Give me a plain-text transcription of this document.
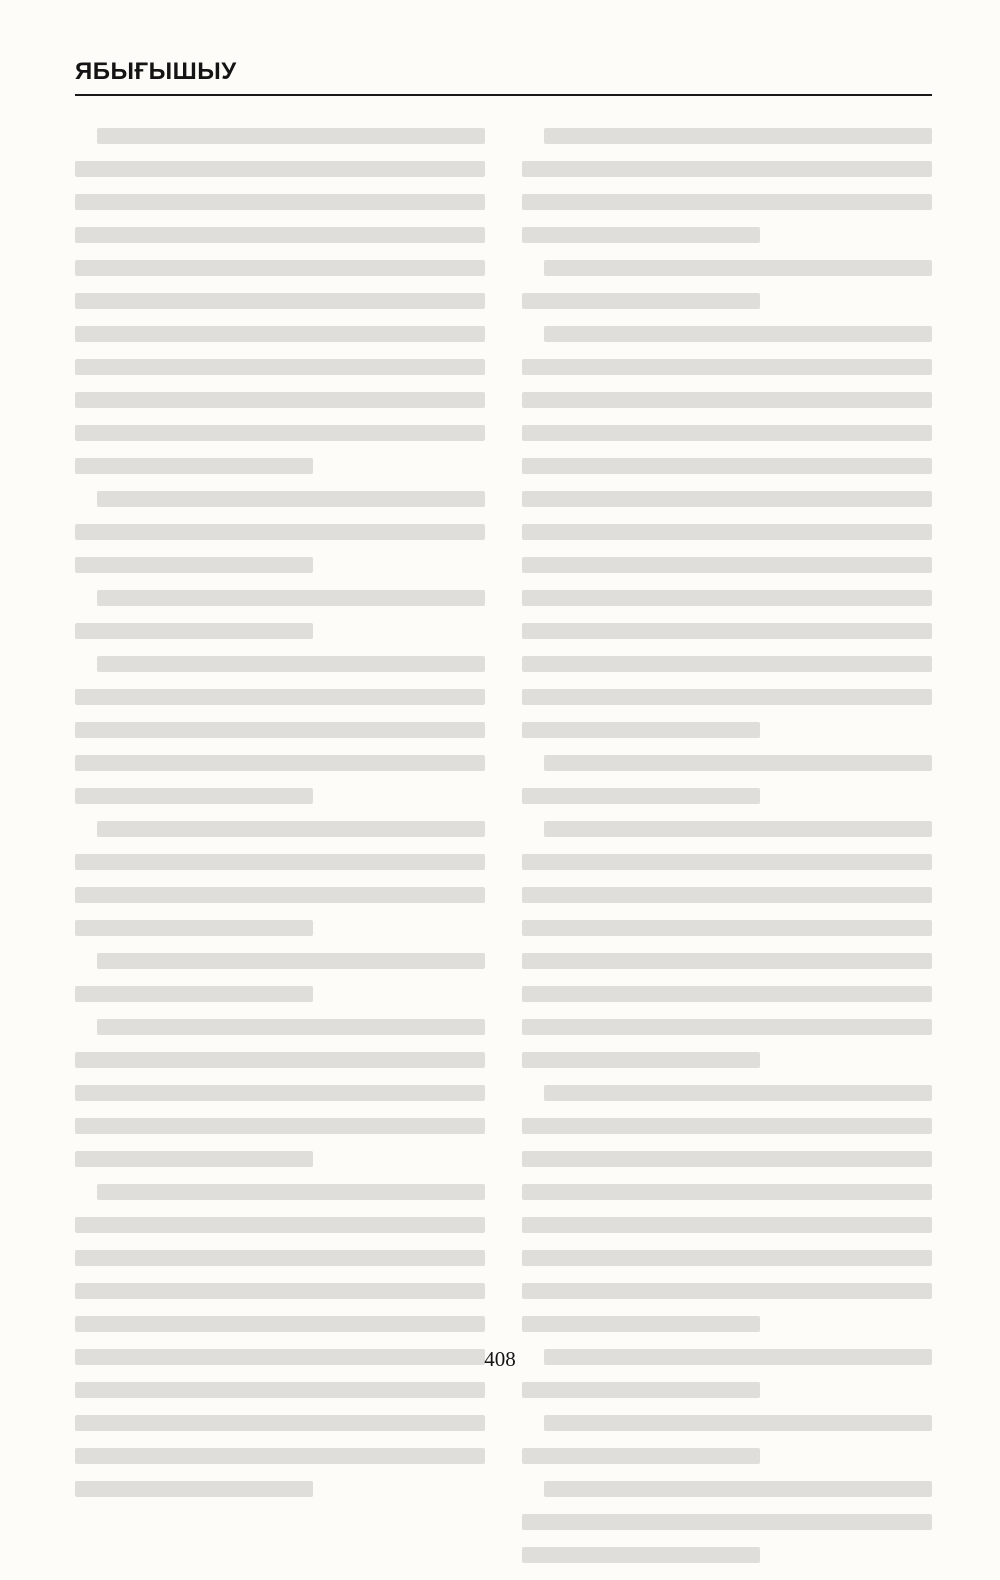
ЯБЫҒЫШЫУ
408
